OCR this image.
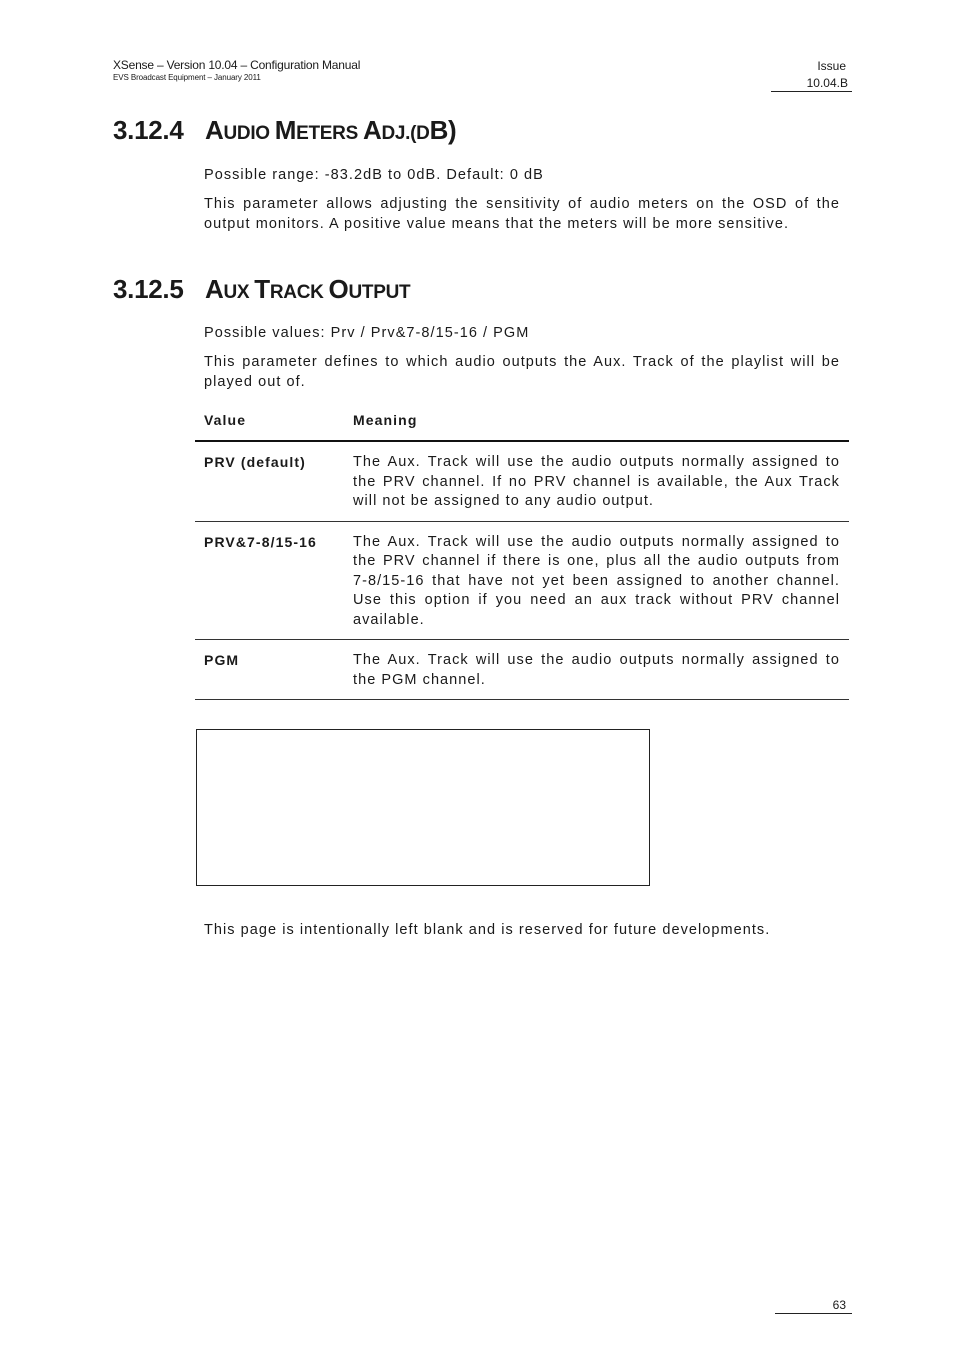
XSense – Version 10.04 – Configuration Manual
EVS Broadcast Equipment – January 2011
Issue
10.04.B
3.12.4 AUDIO METERS ADJ.(DB)
Possible range: -83.2dB to 0dB. Default: 0 dB
This parameter allows adjusting the sensitivity of audio meters on the OSD of the output monitors. A positive value means that the meters will be more sensitive.
3.12.5 AUX TRACK OUTPUT
Possible values: Prv / Prv&7-8/15-16 / PGM
This parameter defines to which audio outputs the Aux. Track of the playlist will be played out of.
Value	Meaning
PRV (default)	The Aux. Track will use the audio outputs normally assigned to the PRV channel. If no PRV channel is available, the Aux Track will not be assigned to any audio output.
PRV&7-8/15-16	The Aux. Track will use the audio outputs normally assigned to the PRV channel if there is one, plus all the audio outputs from 7-8/15-16 that have not yet been assigned to another channel. Use this option if you need an aux track without PRV channel available.
PGM	The Aux. Track will use the audio outputs normally assigned to the PGM channel.
This page is intentionally left blank and is reserved for future developments.
63
